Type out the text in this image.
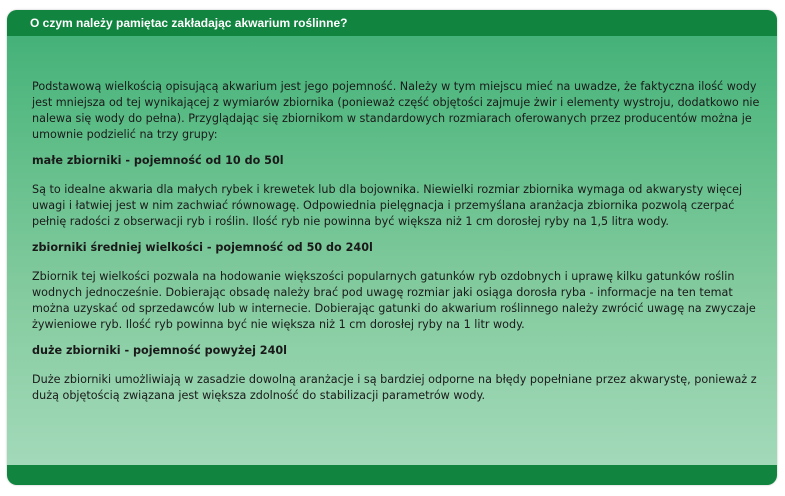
O czym należy pamiętac zakładając akwarium roślinne?

Podstawową wielkością opisującą akwarium jest jego pojemność. Należy w tym miejscu mieć na uwadze, że faktyczna ilość wody jest mniejsza od tej wynikającej z wymiarów zbiornika (ponieważ część objętości zajmuje żwir i elementy wystroju, dodatkowo nie nalewa się wody do pełna). Przyglądając się zbiornikom w standardowych rozmiarach oferowanych przez producentów można je umownie podzielić na trzy grupy:

małe zbiorniki - pojemność od 10 do 50l

Są to idealne akwaria dla małych rybek i krewetek lub dla bojownika. Niewielki rozmiar zbiornika wymaga od akwarysty więcej uwagi i łatwiej jest w nim zachwiać równowagę. Odpowiednia pielęgnacja i przemyślana aranżacja zbiornika pozwolą czerpać pełnię radości z obserwacji ryb i roślin. Ilość ryb nie powinna być większa niż 1 cm dorosłej ryby na 1,5 litra wody.

zbiorniki średniej wielkości - pojemność od 50 do 240l

Zbiornik tej wielkości pozwala na hodowanie większości popularnych gatunków ryb ozdobnych i uprawę kilku gatunków roślin wodnych jednocześnie. Dobierając obsadę należy brać pod uwagę rozmiar jaki osiąga dorosła ryba - informacje na ten temat można uzyskać od sprzedawców lub w internecie. Dobierając gatunki do akwarium roślinnego należy zwrócić uwagę na zwyczaje żywieniowe ryb. Ilość ryb powinna być nie większa niż 1 cm dorosłej ryby na 1 litr wody.

duże zbiorniki - pojemność powyżej 240l

Duże zbiorniki umożliwiają w zasadzie dowolną aranżacje i są bardziej odporne na błędy popełniane przez akwarystę, ponieważ z dużą objętością związana jest większa zdolność do stabilizacji parametrów wody.
